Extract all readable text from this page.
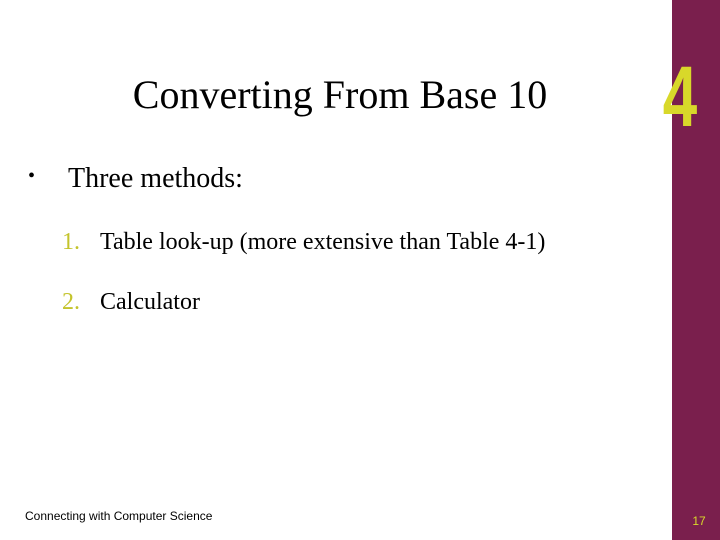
4
Converting From Base 10
• Three methods:
1. Table look-up (more extensive than Table 4-1)
2. Calculator
Connecting with Computer Science	17
